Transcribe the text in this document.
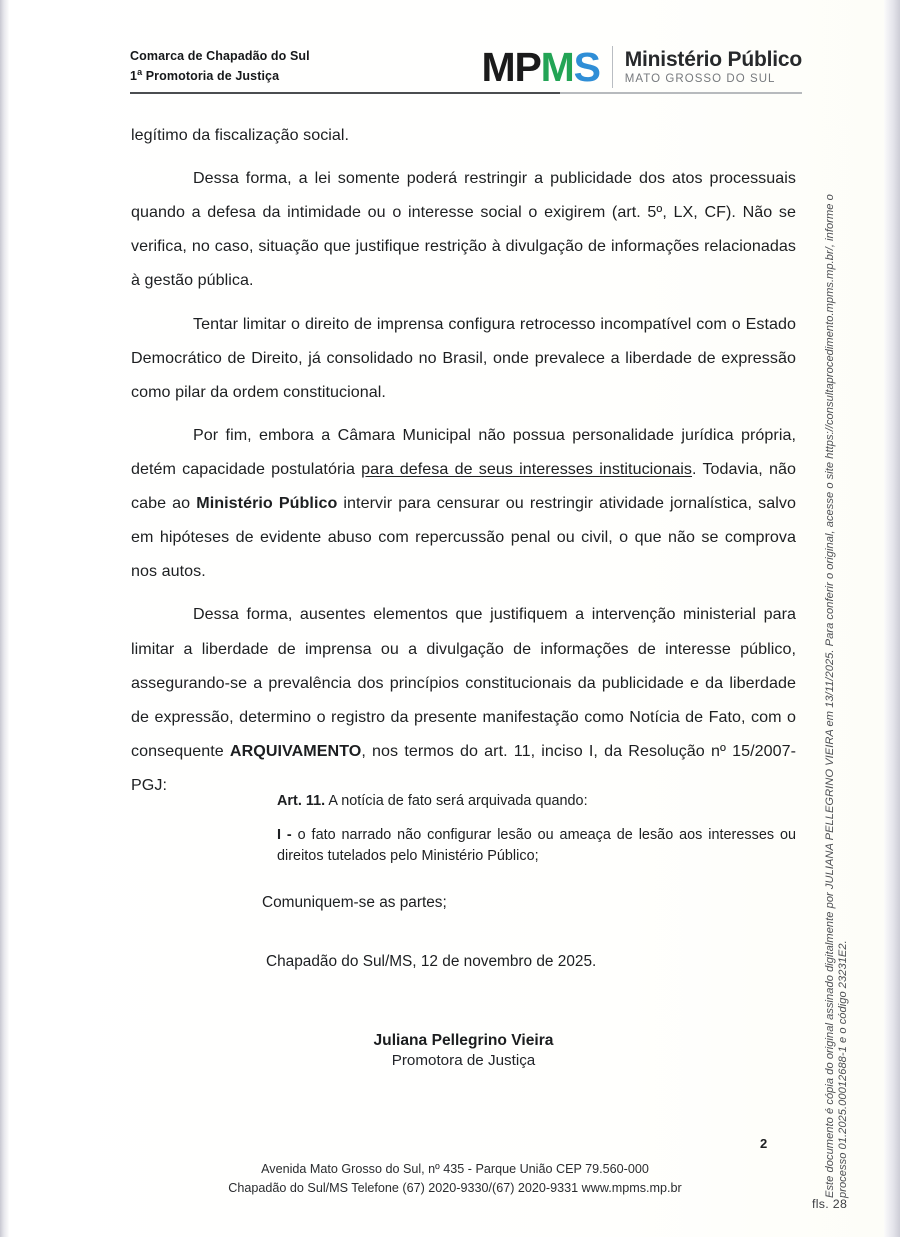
Comarca de Chapadão do Sul
1$^a$ Promotoria de Justiça	MPMS	Ministério Público
MATO GROSSO DO SUL

legítimo da fiscalização social.

Dessa forma, a lei somente poderá restringir a publicidade dos atos processuais quando a defesa da intimidade ou o interesse social o exigirem (art. 5º, LX, CF). Não se verifica, no caso, situação que justifique restrição à divulgação de informações relacionadas à gestão pública.

Tentar limitar o direito de imprensa configura retrocesso incompatível com o Estado Democrático de Direito, já consolidado no Brasil, onde prevalece a liberdade de expressão como pilar da ordem constitucional.

Por fim, embora a Câmara Municipal não possua personalidade jurídica própria, detém capacidade postulatória para defesa de seus interesses institucionais. Todavia, não cabe ao Ministério Público intervir para censurar ou restringir atividade jornalística, salvo em hipóteses de evidente abuso com repercussão penal ou civil, o que não se comprova nos autos.

Dessa forma, ausentes elementos que justifiquem a intervenção ministerial para limitar a liberdade de imprensa ou a divulgação de informações de interesse público, assegurando-se a prevalência dos princípios constitucionais da publicidade e da liberdade de expressão, determino o registro da presente manifestação como Notícia de Fato, com o consequente ARQUIVAMENTO, nos termos do art. 11, inciso I, da Resolução nº 15/2007-PGJ:

Art. 11. A notícia de fato será arquivada quando:

I - o fato narrado não configurar lesão ou ameaça de lesão aos interesses ou direitos tutelados pelo Ministério Público;

Comuniquem-se as partes;
Chapadão do Sul/MS, 12 de novembro de 2025.
Juliana Pellegrino Vieira
Promotora de Justiça
2
Avenida Mato Grosso do Sul, nº 435 - Parque União CEP 79.560-000
Chapadão do Sul/MS Telefone (67) 2020-9330/(67) 2020-9331 www.mpms.mp.br	Este documento é cópia do original assinado digitalmente por JULIANA PELLEGRINO VIEIRA em 13/11/2025. Para conferir o original, acesse o site https://consultaprocedimento.mpms.mp.br/, informe o processo 01.2025.00012688-1 e o código 23231E2.
fls. 28
